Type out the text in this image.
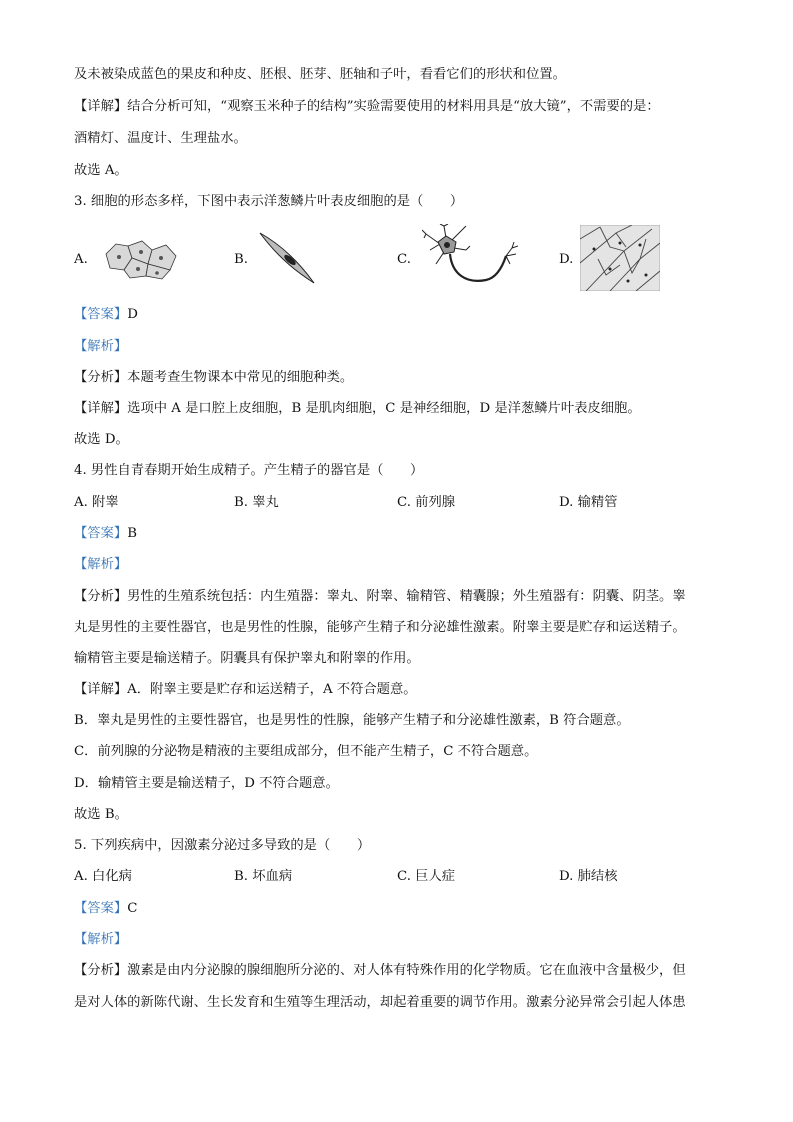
及未被染成蓝色的果皮和种皮、胚根、胚芽、胚轴和子叶，看看它们的形状和位置。
【详解】结合分析可知，“观察玉米种子的结构”实验需要使用的材料用具是“放大镜”，不需要的是：
酒精灯、温度计、生理盐水。
故选 A。
3. 细胞的形态多样，下图中表示洋葱鳞片叶表皮细胞的是（　　）
A.	B.	C.	D.
【答案】D
【解析】
【分析】本题考查生物课本中常见的细胞种类。
【详解】选项中 A 是口腔上皮细胞，B 是肌肉细胞，C 是神经细胞，D 是洋葱鳞片叶表皮细胞。
故选 D。
4. 男性自青春期开始生成精子。产生精子的器官是（　　）
A. 附睾	B. 睾丸	C. 前列腺	D. 输精管
【答案】B
【解析】
【分析】男性的生殖系统包括：内生殖器：睾丸、附睾、输精管、精囊腺；外生殖器有：阴囊、阴茎。睾
丸是男性的主要性器官，也是男性的性腺，能够产生精子和分泌雄性激素。附睾主要是贮存和运送精子。
输精管主要是输送精子。阴囊具有保护睾丸和附睾的作用。
【详解】A．附睾主要是贮存和运送精子，A 不符合题意。
B．睾丸是男性的主要性器官，也是男性的性腺，能够产生精子和分泌雄性激素，B 符合题意。
C．前列腺的分泌物是精液的主要组成部分，但不能产生精子，C 不符合题意。
D．输精管主要是输送精子，D 不符合题意。
故选 B。
5. 下列疾病中，因激素分泌过多导致的是（　　）
A. 白化病	B. 坏血病	C. 巨人症	D. 肺结核
【答案】C
【解析】
【分析】激素是由内分泌腺的腺细胞所分泌的、对人体有特殊作用的化学物质。它在血液中含量极少，但
是对人体的新陈代谢、生长发育和生殖等生理活动，却起着重要的调节作用。激素分泌异常会引起人体患
